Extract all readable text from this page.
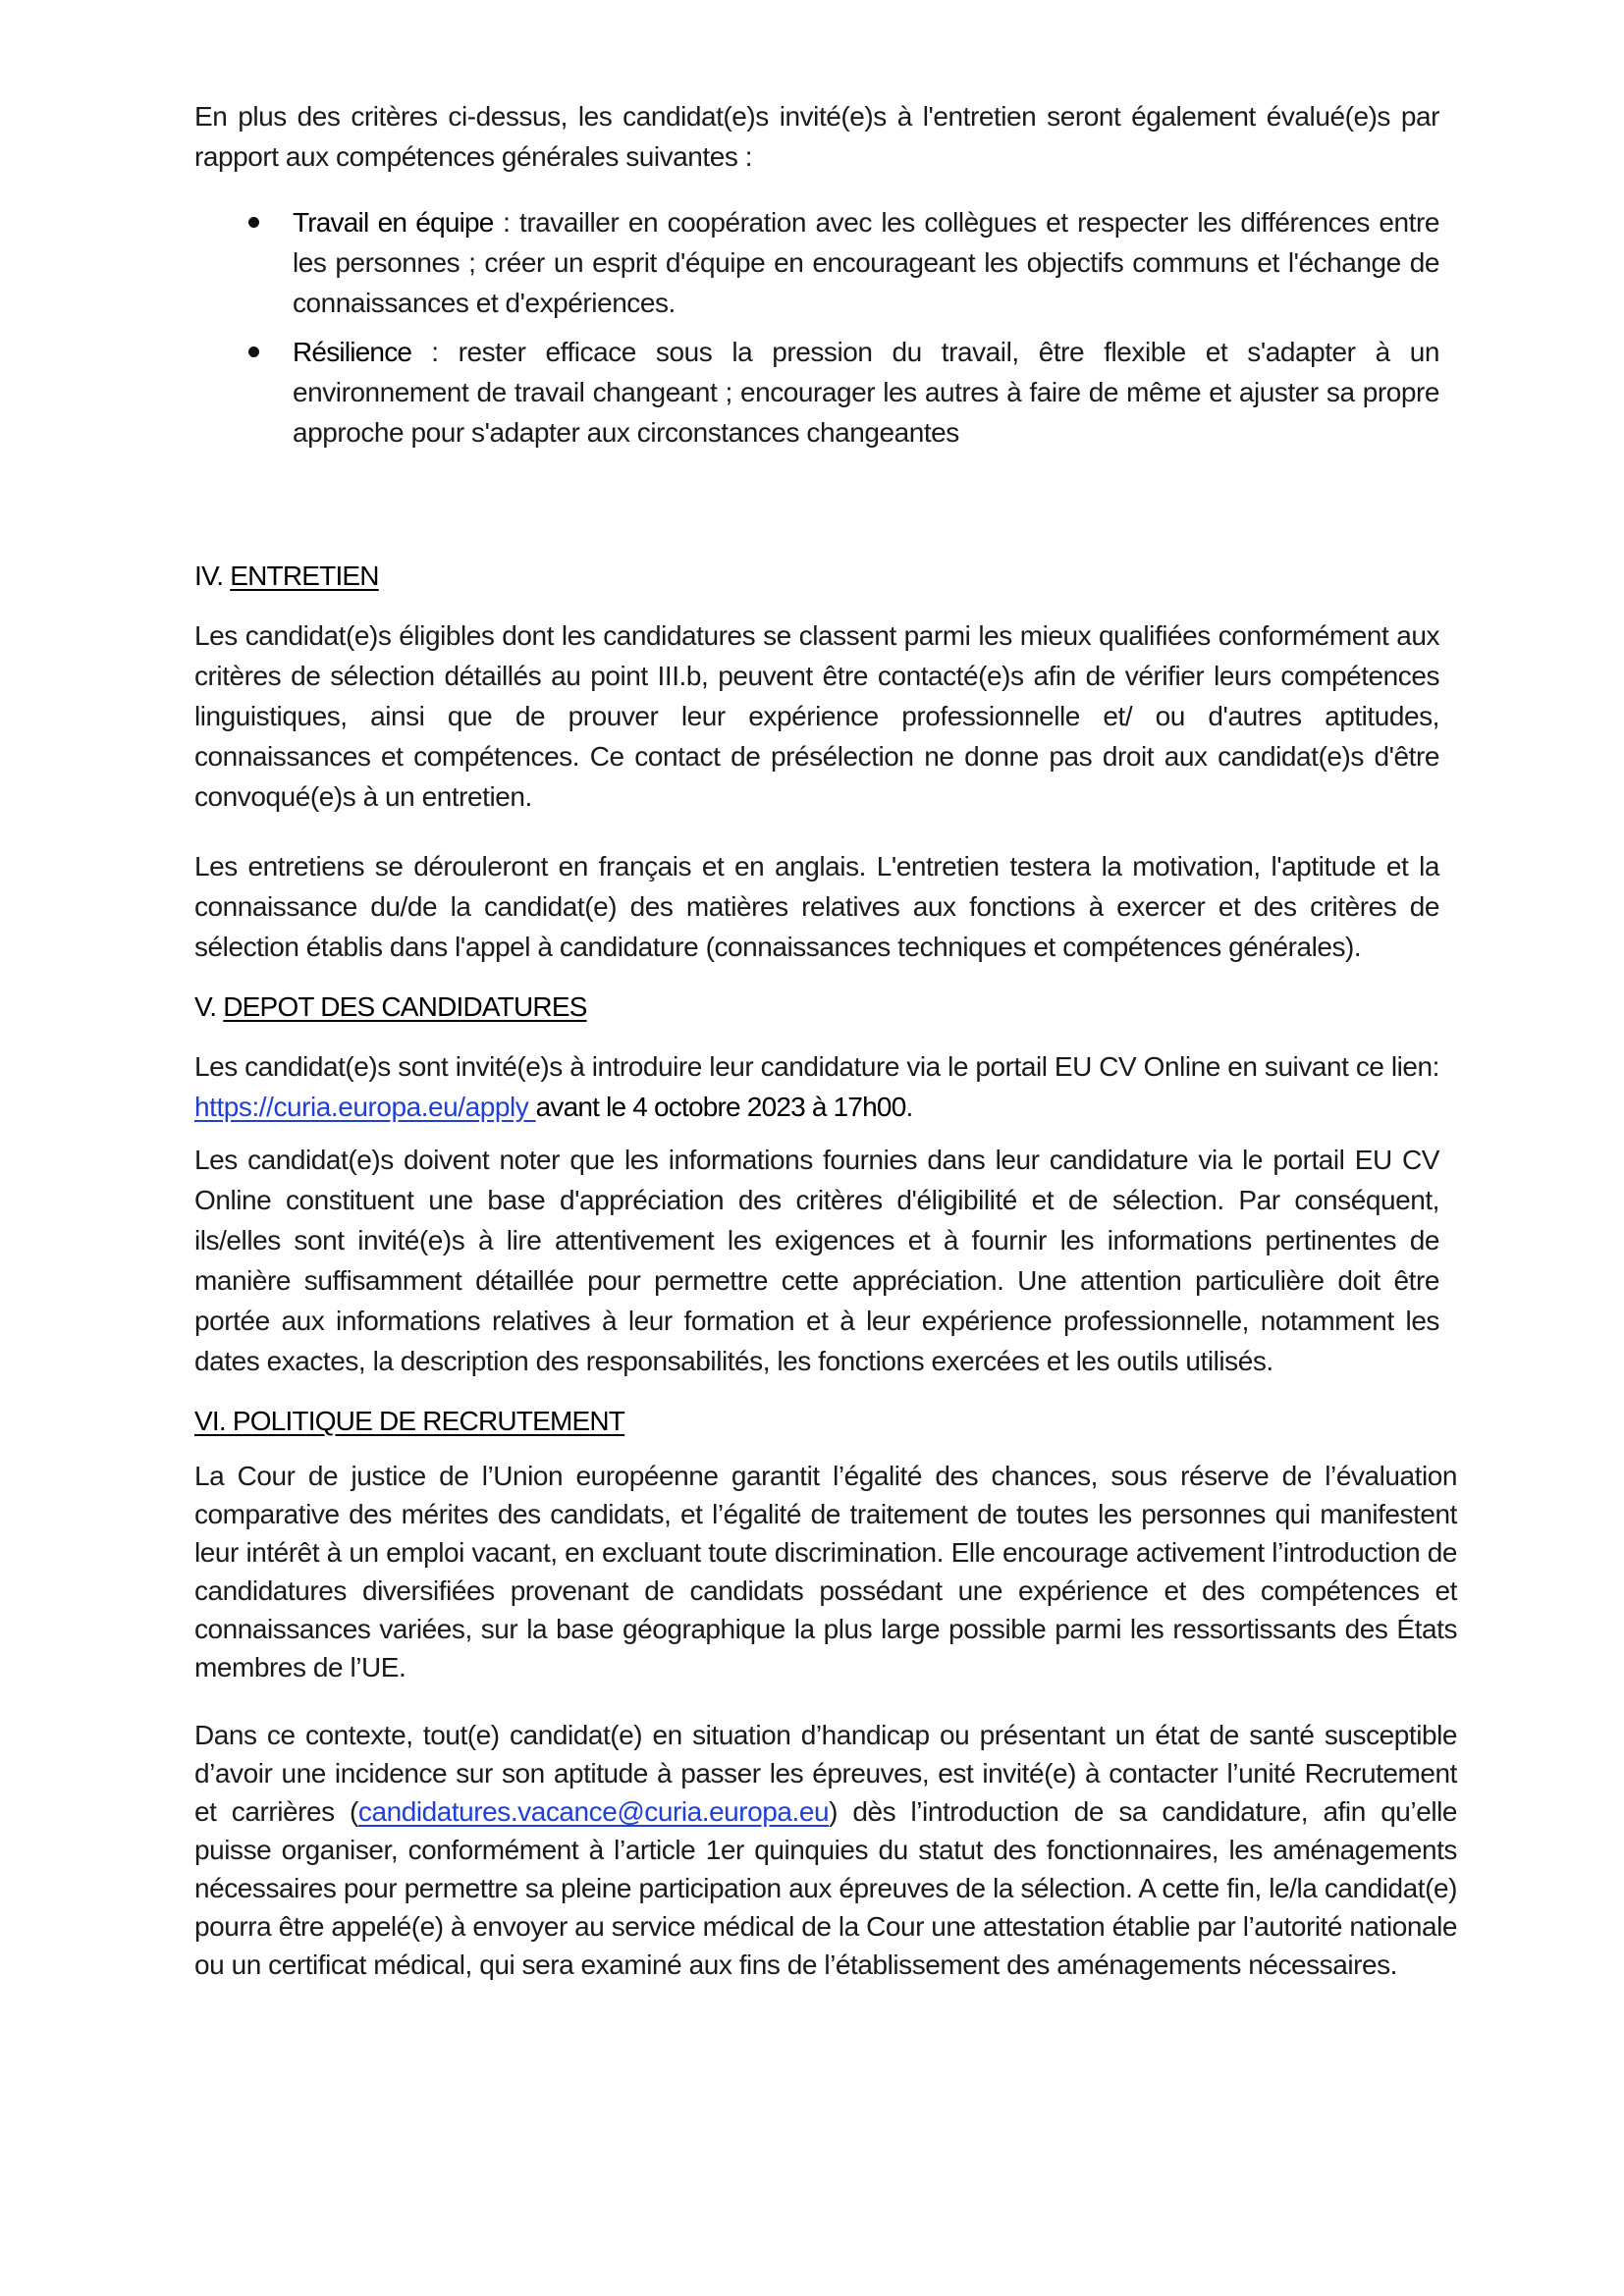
En plus des critères ci-dessus, les candidat(e)s invité(e)s à l'entretien seront également évalué(e)s par rapport aux compétences générales suivantes :

Travail en équipe : travailler en coopération avec les collègues et respecter les différences entre les personnes ; créer un esprit d'équipe en encourageant les objectifs communs et l'échange de connaissances et d'expériences.

Résilience : rester efficace sous la pression du travail, être flexible et s'adapter à un environnement de travail changeant ; encourager les autres à faire de même et ajuster sa propre approche pour s'adapter aux circonstances changeantes

IV. ENTRETIEN

Les candidat(e)s éligibles dont les candidatures se classent parmi les mieux qualifiées conformément aux critères de sélection détaillés au point III.b, peuvent être contacté(e)s afin de vérifier leurs compétences linguistiques, ainsi que de prouver leur expérience professionnelle et/ ou d'autres aptitudes, connaissances et compétences. Ce contact de présélection ne donne pas droit aux candidat(e)s d'être convoqué(e)s à un entretien.

Les entretiens se dérouleront en français et en anglais. L'entretien testera la motivation, l'aptitude et la connaissance du/de la candidat(e) des matières relatives aux fonctions à exercer et des critères de sélection établis dans l'appel à candidature (connaissances techniques et compétences générales).

V. DEPOT DES CANDIDATURES

Les candidat(e)s sont invité(e)s à introduire leur candidature via le portail EU CV Online en suivant ce lien: https://curia.europa.eu/apply avant le 4 octobre 2023 à 17h00.

Les candidat(e)s doivent noter que les informations fournies dans leur candidature via le portail EU CV Online constituent une base d'appréciation des critères d'éligibilité et de sélection. Par conséquent, ils/elles sont invité(e)s à lire attentivement les exigences et à fournir les informations pertinentes de manière suffisamment détaillée pour permettre cette appréciation. Une attention particulière doit être portée aux informations relatives à leur formation et à leur expérience professionnelle, notamment les dates exactes, la description des responsabilités, les fonctions exercées et les outils utilisés.

VI. POLITIQUE DE RECRUTEMENT

La Cour de justice de l’Union européenne garantit l’égalité des chances, sous réserve de l’évaluation comparative des mérites des candidats, et l’égalité de traitement de toutes les personnes qui manifestent leur intérêt à un emploi vacant, en excluant toute discrimination. Elle encourage activement l’introduction de candidatures diversifiées provenant de candidats possédant une expérience et des compétences et connaissances variées, sur la base géographique la plus large possible parmi les ressortissants des États membres de l’UE.

Dans ce contexte, tout(e) candidat(e) en situation d’handicap ou présentant un état de santé susceptible d’avoir une incidence sur son aptitude à passer les épreuves, est invité(e) à contacter l’unité Recrutement et carrières (candidatures.vacance@curia.europa.eu) dès l’introduction de sa candidature, afin qu’elle puisse organiser, conformément à l’article 1er quinquies du statut des fonctionnaires, les aménagements nécessaires pour permettre sa pleine participation aux épreuves de la sélection. A cette fin, le/la candidat(e) pourra être appelé(e) à envoyer au service médical de la Cour une attestation établie par l’autorité nationale ou un certificat médical, qui sera examiné aux fins de l’établissement des aménagements nécessaires.
